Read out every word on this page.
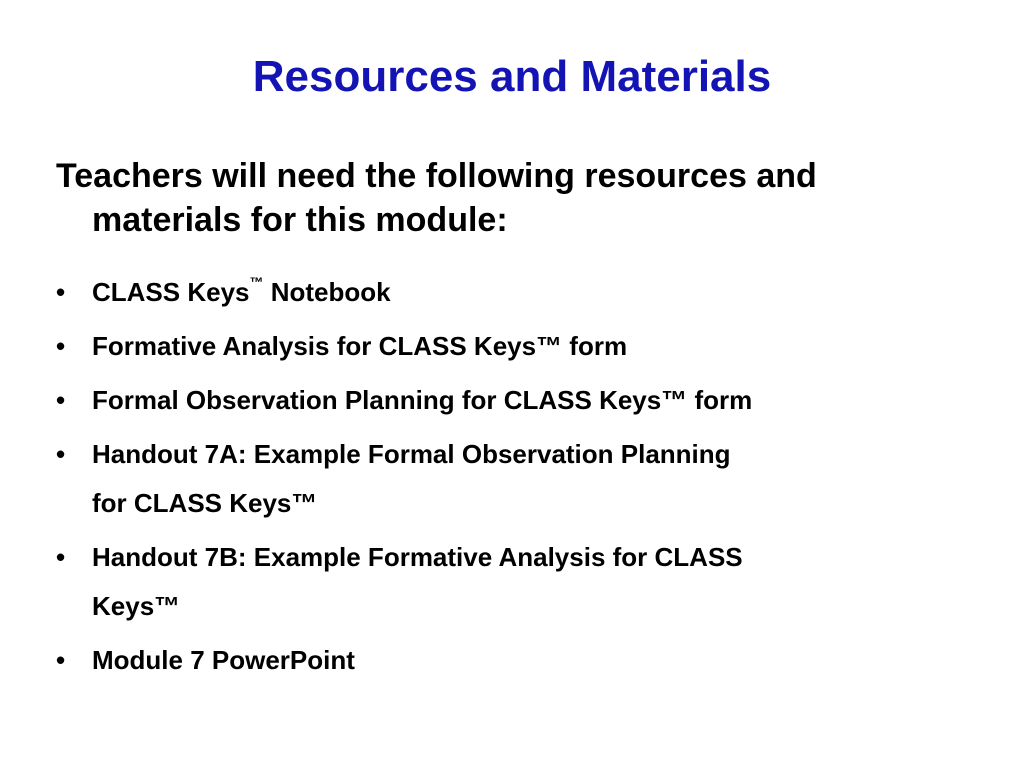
Resources and Materials
Teachers will need the following resources and
materials for this module:
• CLASS Keys™ Notebook
• Formative Analysis for CLASS Keys™ form
• Formal Observation Planning for CLASS Keys™ form
• Handout 7A: Example Formal Observation Planning
for CLASS Keys™
• Handout 7B: Example Formative Analysis for CLASS
Keys™
• Module 7 PowerPoint
